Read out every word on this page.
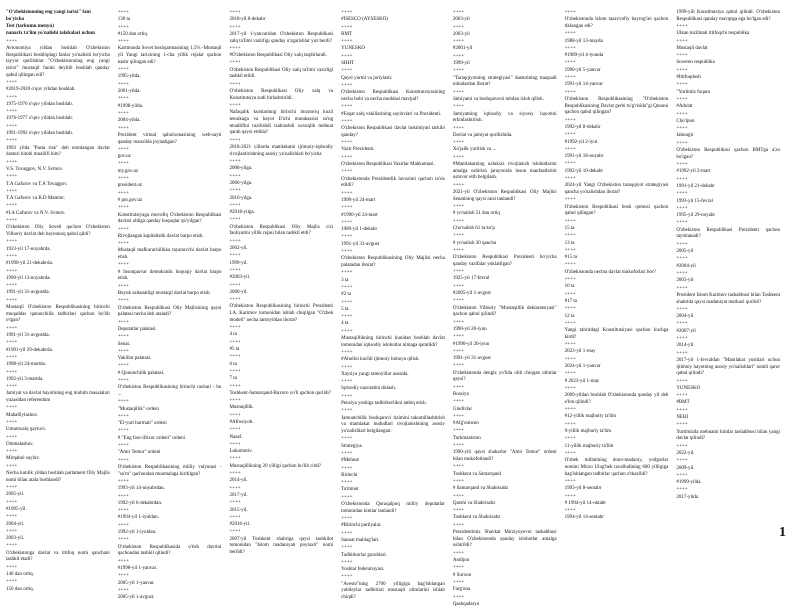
"O'zbekistonning eng yangi tarixi" fani bo'yicha

Test (tarkumu menyu)

nanarix ta'lim yo'nalishi talabalari uchun

++++

Avtonomiya yildan boshlab O'zbekiston Respublikasi boshliqdagi fanlar yo'nalishi bo'yicha tayyor qurilishlar "O'zbekistonning eng yangi tarixi" mustaqil fanini deyilib boshlab qanday qabul qilingan edi?

++++

#2019-2020 o'quv yilidan boshlab.

++++

1975-1976 o'quv yilidan boshlab.

++++

1976-1977 o'quv yilidan boshlab.

++++

1991-1992 o'quv yilidan boshlab.

++++

1993 yilda "Pasta risk" deb nomlangan davlat dasturi kitobi muallifi kim?

++++

V.S. Tovaggov, N.V. Svmov.

++++

T.A Gafurov va T.A Tovaggov.

++++

T.A Gafurov va B.D Mamlor.

++++

#I.A Gafurov va N.V. Svmov.

++++

O'zbekiston Oliy Soveti qachon O'zbekiston Vilhoriy davlat deb bayonnoq qabul qildi?

++++

1923-yil 17-noyabrda.

++++

#1990-yil 21-dekabrda.

++++

1990-yil 13-noyabrda.

++++

1991-yil 31-avgustda.

++++

Mustaqil O'zbekiston Respublikasining birinchi muqaddas qanunchilik tadbirlari qachon bo'lib o'tgan?

++++

1991-yil 31-avgustda.

++++

#1991-yil 29-dekabrda.

++++

1998-yil 24-martda.

++++

1992-yil 3-martda.

++++

Jamiyat va davlat hayotining eng muhim masalalari yuzasidan referendum

++++

Mahalliylashuv.

++++

Umumxalq qaytuvi.

++++

Ommalashuv.

++++

Mirqabol saylov.

++++

Necha kunlik yildan boshlab parlament Oliy Majlis nomi bilan atala boshlandi?

++++

2005-yil.

++++

#1995-yil.

++++

2004-yil.

++++

2003-yil.

++++

O'zbekistonga davlat va ittifoq nomi qanchani tashkil etadi?

++++

140 dan ortiq.

++++

150 dan ortiq.

++++

130 ta

++++

#150 dan ortiq.

++++

Kartmunda Sovet boshqarmasining 1,5% -Mustaqil yil Yangi tarixining 1-cha yillik rejalar qachon nashr qilingan edi?

++++

1995-yilda.

++++

2001-yilda.

++++

#1998-yilda.

++++

2004-yilda.

++++

Prezident virtual qabulxonasining web-sayti qanday manzilda joylashgan?

++++

gov.uz

++++

my.gov.uz

++++

president.uz

++++

# pm.gov.uz

++++

Konstitutsiyaga muvofiq O'zbekiston Respublikasi davlati oldiga qanday huquqlar qo'yilgan?

++++

Rivojlangan kapitalistik davlat barpo etish.

++++

Mustaqil mafkurachilikka tayanuvchi davlat barpo etish.

++++

# Insonparvar demokratik huquqiy davlat barpo etish.

++++

Buyuk saltanatligi mustaqil davlat barpo etish.

++++

O'zbekiston Respublikasi Oliy Majlisining qaysi palatasi necha deb ataladi?

++++

Deputatlar palatasi.

++++

Senat.

++++

Vakillar palatasi.

++++

# Qonunchilik palatasi.

++++

O'zbekiston Respublikasining birinchi raxbari - bu ...

++++

"Mustaqillik" ordeni

++++

"El-yurt hurmati" ordeni

++++

# "Eng faxr-iftixor ordeni" ordeni

++++

"Amir Temur" ordeni

++++

O'zbekiston Respublikasining milliy valyutasi - "so'm" qachondan muomalaga kiritilgan?

++++

1993-yil 14-noyabrdan.

++++

1992-yil 6-dekabrdan.

++++

#1994-yil 1-iyuldan.

++++

1992-yil 1-iyuldan.

++++

O'zbekiston Respublikasida o'tish davrini qachondan tashkil qilindi?

++++

#1998-yil 1-yanvar.

++++

2005-yil 1-yanvar.

++++

2005-yil 1-avgust.

++++

2018-yil 8-dekabr

++++

2017-yil 1-yanvaridan O'zbekiston Respublikasi xalq ta'limi vazirligi qanday o'zgarishlar yuz berdi?

++++

#O'zbekiston Respublikasi Oliy xalq taqdirlandi.

++++

O'zbekiston Respublikasi Oliy xalq ta'limi vazirligi tashkil etildi.

++++

O'zbekiston Respublikasi Oliy xalq va Konstitutsiya sudi birlashtirildi.

++++

Nafaqalik kurslarinng birinchi muxtoriq kuzil tenuikaga va hayot Il'ichi mutahassisi so'ng muallifini tuzilishdi izahlashdi xuxuqlik mehnat qarab qaysi etdida?

++++

2018-2021 yillarda mamlakatni ijtimoiy-iqtisodiy rivojlantirishning asosiy yo'nalishlari bo'yicha

++++

2008-yilga.

++++

2006-yilga.

++++

2016-yilga.

++++

#2018-yilga.

++++

O'zbekiston Respublikasi Oliy Majlis o'zi faoliyatini yillik rejasi bilan tashkil etdi?

++++

2002-yil.

++++

1999-yil.

++++

#2003-yil.

++++

2000-yil.

++++

O'zbekiston Respublikasining birinchi Prezidenti I.A. Karimov tomonidan ishlab chiqilgan "O'zbek modeli" necha tamoyildan iborat?

++++

4 ta

++++

#5 ta

++++

6 ta

++++

7 ta

++++

Toshkent-Samarqand-Buxoro yo'li qachon qurildi?

++++

Mustaqillik.

++++

#Afrosiyob.

++++

Nasaf.

++++

Lokomotiv.

++++

Mustaqillikning 20 yilligi qachon bo'lib o'tdi?

++++

2014-yil.

++++

2017-yil.

++++

2015-yil.

++++

#2016-yil.

++++

2007-yil Toshkent shahriga qaysi tashkilot tomonidan "Islom madaniyati poytaxti" nomi berildi?

++++

#ISESCO (AYSESKO)

++++

BMT

++++

YUNESKO

++++

SHHT

++++

Qaysi yurtni va joriylash:

++++

O'zbekiston Respublikasi Konstitutsiyasining necha bobi va necha moddasi mavjud?

++++

#Faqat xalq vakillarining saylovlari va Prezidenti.

++++

O'zbekiston Respublikasi davlat hokimiyati tarkibi qanday?

++++

Vazir Prezidenti.

++++

O'zbekiston Respublikasi Vazirlar Mahkamasi.

++++

O'zbekistonda Prezidentlik lavozimi qachon ta'sis etildi?

++++

1990-yil 24-mart

++++

#1990-yil 24-mart

++++

1989-yil 1-dekabr

++++

1991-yil 31-avgust

++++

O'zbekiston Respublikasining Oliy Majlisi necha palatadan iborat?

++++

3 ta

++++

#2 ta

++++

5 ta

++++

4 ta

++++

Mustaqillikning birinchi kunidan boshlab davlat tomonidan iqtisodiy islohotlar nimaga qaratildi?

++++

#Aholini kuchli ijtimoiy himoya qilish.

++++

Xayriya yangi tamoyillar asosida.

++++

Iqtisodiy nazoratini tiklash.

++++

Pensiya yoshiga tadbirkorlikni tatbiq etish.

++++

Jamoatchilik boshqaruvi tizimini takomillashtirish va mamlakat hududlari rivojlanishining asosiy yo'nalishlari belgilangan:

++++

Strategiya.

++++

#Mehnat

++++

Birinchi

++++

Ta'minot

++++

O'zbekistonda Qoraqalpoq milliy deputatlar tomonidan kimlar tanlandi?

++++

#Birinchi partiyalar.

++++

Sanoat mablag'lari.

++++

Tadbirkorlar guruhlari.

++++

Yoshlar federatsiyasi.

++++

"Avesto"ning 2700 yilligiga bag'ishlangan yubileylar tadbirlari mustaqil olimlarini ishlab chiqdi?

++++

2003-yil

++++

2003-yil

++++

#2001-yil

++++

1999-yil

++++

"Taraqqiyotning strategiyasi" dasturining maqsadi nimalardan iborat?

++++

Jamiyatni va boshqaruvni tubdan isloh qilish.

++++

Jamiyatning iqtisodiy va siyosiy hayotini erkinlashtirish.

++++

Davlat va jamiyat qurilishida.

++++

Xo'jalik yuritish va ...

++++

#Mamlakatning uzluksiz rivojlanish islohotlarini amalga oshirish jarayonida inson manfaatlarini ustuvor etib belgilash.

++++

2021-yil O'zbekiston Respublikasi Oliy Majlisi Senatining qaysi raisi tanlandi?

++++

# yo'nalish 51 dan ortiq

++++

Cho'nalish 61 ta ko'p

++++

# yo'nalish 30 qancha

++++

O'zbekiston Respublikasi Prezidenti bo'yicha qanday vazifalar yuklatilgan?

++++

1925-yil 17-fevral

++++

#2005-yil 1-avgust

++++

O'zbekiston Vilhoriy "Mustaqillik deklaratsiyasi" qachon qabul qilindi?

++++

1990-yil 20-iyun

++++

#1990-yil 20-iyun

++++

1991-yil 31-avgust

++++

O'zbekistonda dengiz yo'lida olib chiqqan olimlar qaysi?

++++

Rossiya

++++

Gindivlar

++++

#Afg'oniston

++++

Turkmaniston

++++

1990-yili qaysi shaharlar "Amir Temur" ordeni bilan mukofotlandi?

++++

Toshkent va Samarqand

++++

# Samarqand va Shahrisabz

++++

Qarshi va Shahrisabz

++++

Toshkent va Shahrisabz

++++

Prezidentimiz Shavkat Mirziyoyevni tashabbusi bilan O'zbekistonda qanday islohotlar amalga oshirildi?

++++

Andijon

++++

# Surxon

++++

Farg'ona

++++

Qashqadaryo

++++

O'zbekistonda Islom tasavvufiy bayrog'ini qachon tiklangan edi?

++++

1988-yil 13-mayda

++++

#1989-yil 4-iyunda

++++

1990-yil 5-yanvar

++++

1991-yil 14-yanvar

++++

O'zbekiston Respublikasining "O'zbekiston Respublikasining Davlat gerbi to'g'risida"gi Qonuni qachon qabul qilingan?

++++

1992-yil 8-dekabr

++++

#1992-yil 2-iyul

++++

1991-yil 18-noyabr

++++

1992-yil 10-dekabr

++++

2024-yil Yangi O'zbekiston taraqqiyot strategiyasi qancha yo'nalishdan iborat?

++++

O'zbekiston Respublikasi bosh qomusi qachon qabul qilingan?

++++

15 ta

++++

13 ta

++++

#15 ta

++++

O'zbekistonda nechta davlat mukofotlari bor?

++++

10 ta

++++

#17 ta

++++

12 ta

++++

Yangi tahrirdagi Konstitutsiyasi qachon kuchga kirdi?

++++

2023-yil 1-may

++++

2024-yil 1-yanvar

++++

# 2023-yil 1-may

++++

2009-yildan boshlab O'zbekistonda qanday yil deb e'lon qilindi?

++++

#12-yillik majburiy ta'lim

++++

9-yillik majburiy ta'lim

++++

11-yillik majburiy ta'lim

++++

O'zbek millatining dono-madaniy, yodgorlar nomini Mirzo Ulug'bek tavalludining 600 yilligiga bag'ishlangan tadbirlar qachon o'tkazildi?

++++

1993-yil 8-sentabr

++++

# 1994-yil 14-oktabr

++++

1994-yil 14-sentabr

1999-yili Konstitutsiya qabul qilindi. O'zbekiston Respublikasi qanday mavqega ega bo'lgan edi?

++++

Ulkan tuzilmali ittifoqchi respublika

++++

Mustaqil davlat

++++

Suveren respublika

++++

#Ittifoqdosh

++++

"Yurtimiz fuqaro

++++

#Adolat

++++

Cho'lpon

++++

Jahongir

++++

O'zbekiston Respublikasi qachon BMTga a'zo bo'lgan?

++++

#1992-yil 2-mart

++++

1991-yil 21-dekabr

++++

1993-yil 15-fevral

++++

1995-yil 29-noyabr

++++

O'zbekiston Respublikasi Prezidenti qachon tayinlanadi?

++++

2005-yil

++++

#2004-yil

++++

2003-yil

++++

Prezident Islom Karimov tashabbusi bilan Toshkent shahrida qaysi madaniyat markazi qurildi?

++++

2004-yil

++++

#2007-yil

++++

2014-yil

++++

2017-yil 1-fevraldan "Mamlakat yoshlari uchun ijtimoiy hayotning asosiy yo'nalishlari" nomli qaror qabul qilindi?

++++

YUNESKO

++++

#BMT

++++

NEBI

++++

Yurtimizda mehnatni kimlar tashabbusi bilan yangi davlat qilindi?

++++

2022-yil.

++++

2009-yil.

++++

#1999-yilda

++++

2017-yilda

1
